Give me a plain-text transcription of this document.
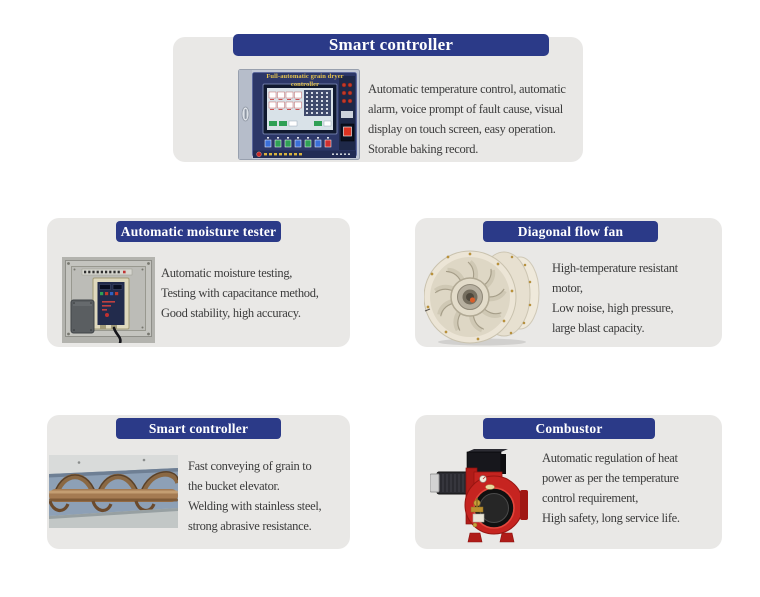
Smart controller
Full-automatic grain dryer controller	Automatic temperature control, automatic
alarm, voice prompt of fault cause, visual
display on touch screen, easy operation.
Storable baking record.
Automatic moisture tester
Automatic moisture testing,
Testing with capacitance method,
Good stability, high accuracy.
Diagonal flow fan
High-temperature resistant
motor,
Low noise, high pressure,
large blast capacity.
Smart controller
Fast conveying of grain to
the bucket elevator.
Welding with stainless steel,
strong abrasive resistance.
Combustor
Automatic regulation of heat
power as per the temperature
control requirement,
High safety, long service life.
